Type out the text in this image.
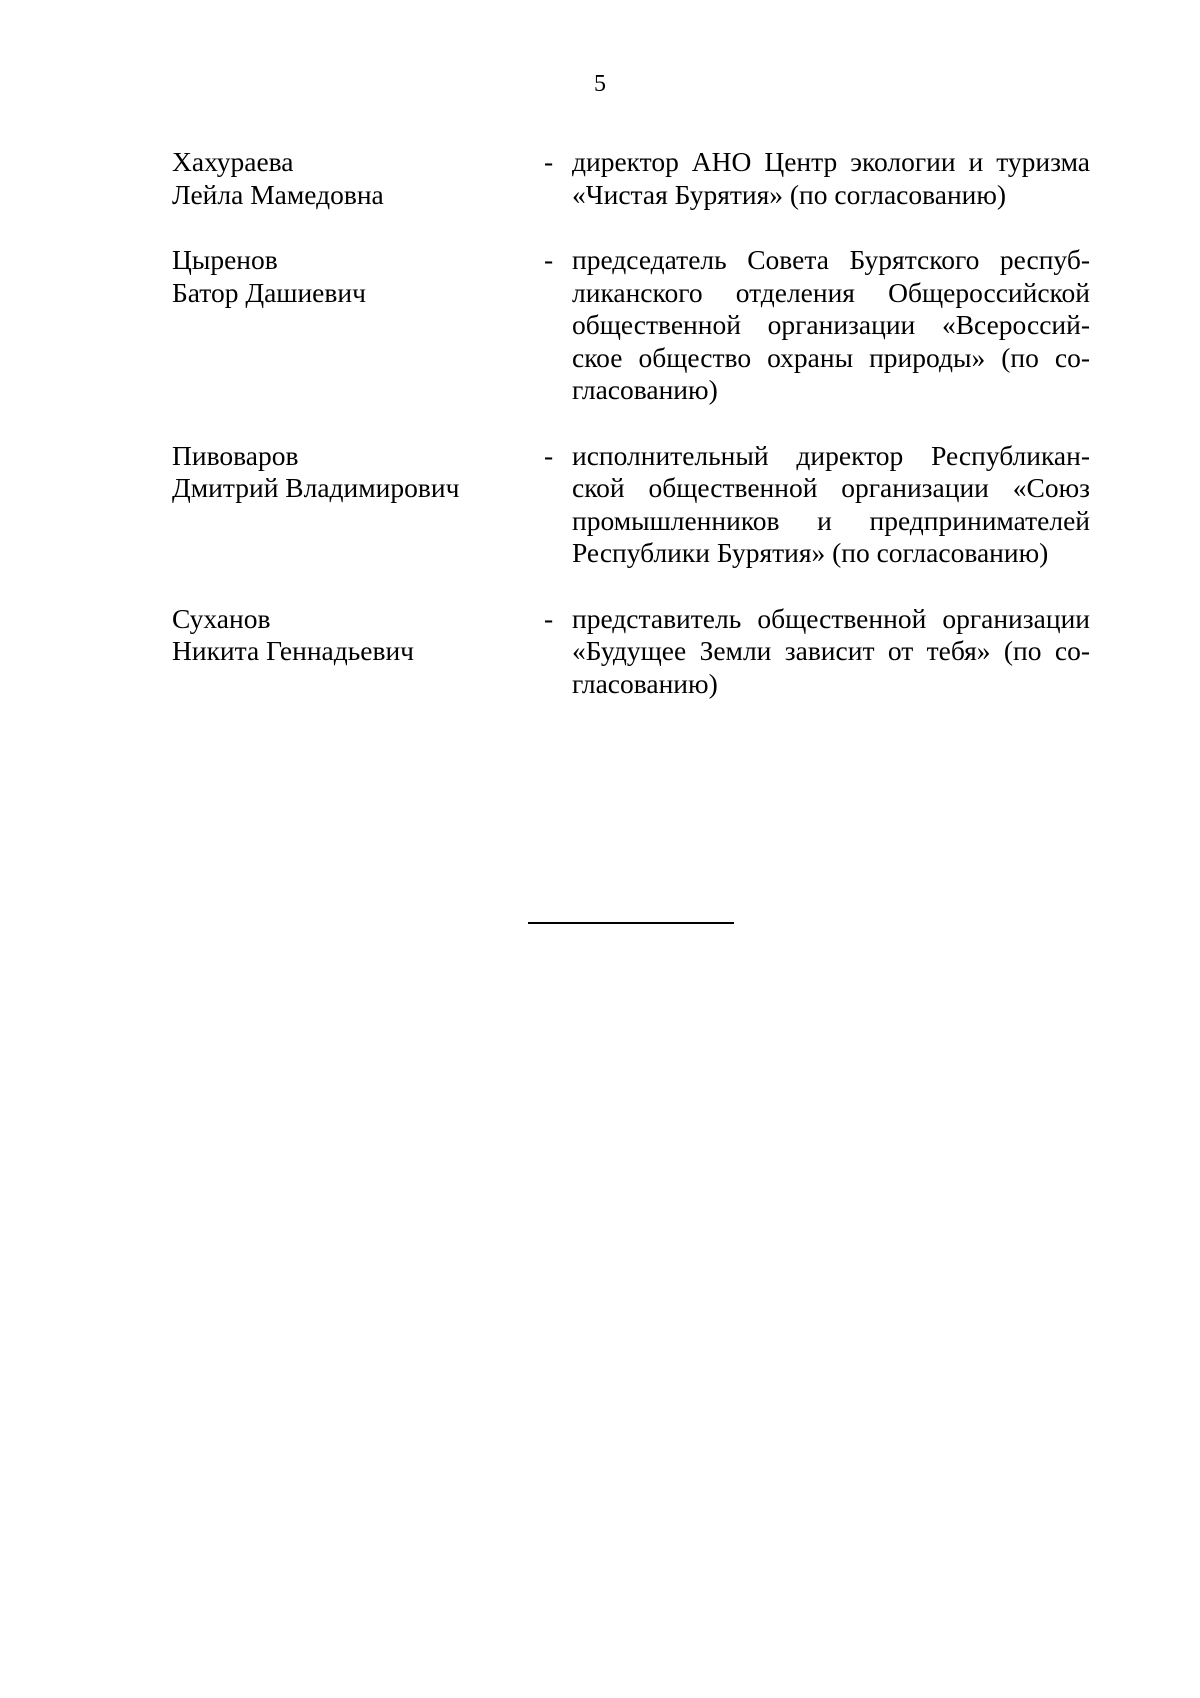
5
Хахураева
Лейла Мамедовна
- директор АНО Центр экологии и туризма «Чистая Бурятия» (по согласованию)
Цыренов
Батор Дашиевич
- председатель Совета Бурятского республиканского отделения Общероссийской общественной организации «Всероссийское общество охраны природы» (по согласованию)
Пивоваров
Дмитрий Владимирович
- исполнительный директор Республиканской общественной организации «Союз промышленников и предпринимателей Республики Бурятия» (по согласованию)
Суханов
Никита Геннадьевич
- представитель общественной организации «Будущее Земли зависит от тебя» (по согласованию)
